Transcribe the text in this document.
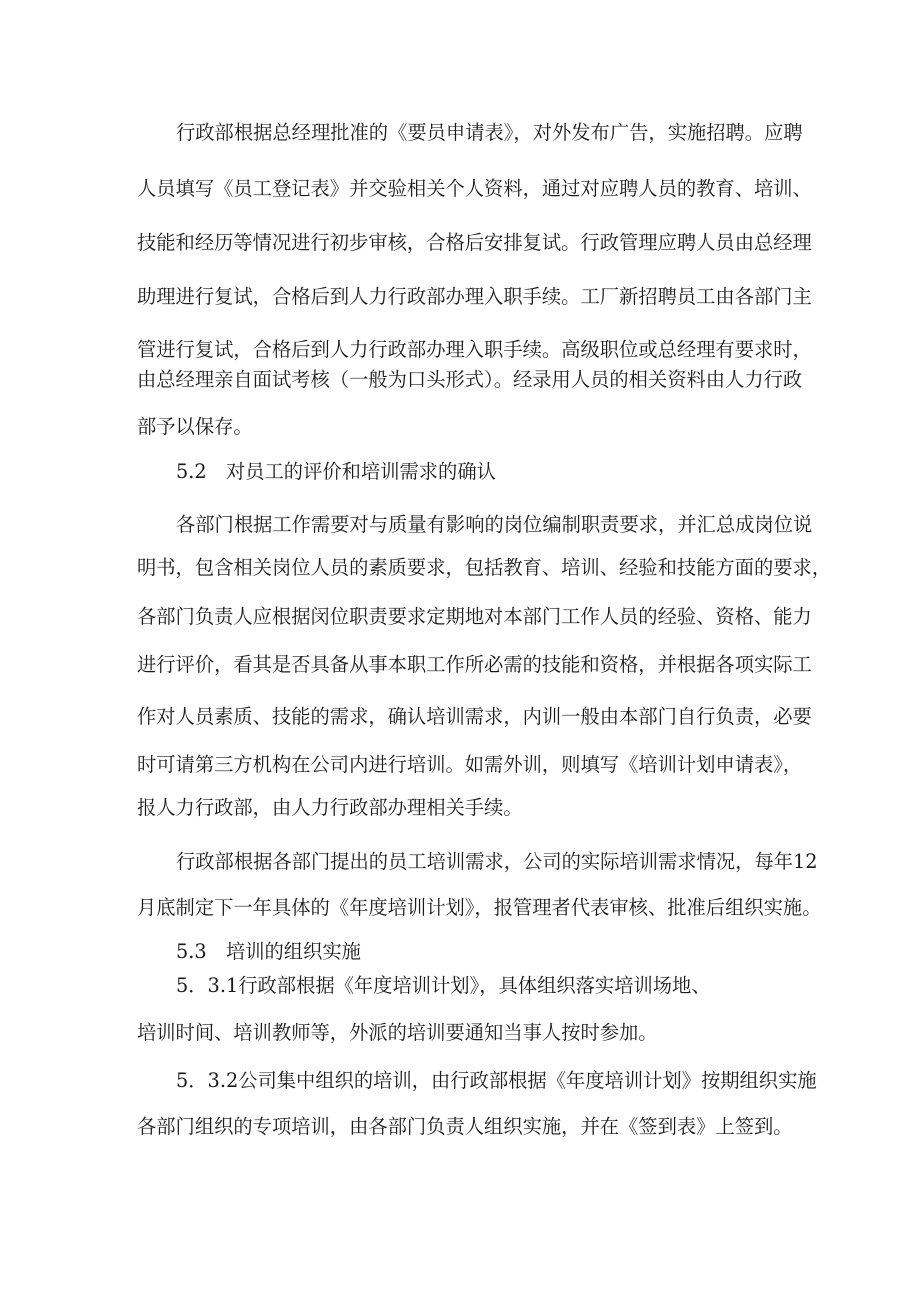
行政部根据总经理批准的《要员申请表》，对外发布广告，实施招聘。应聘
人员填写《员工登记表》并交验相关个人资料，通过对应聘人员的教育、培训、
技能和经历等情况进行初步审核，合格后安排复试。行政管理应聘人员由总经理
助理进行复试，合格后到人力行政部办理入职手续。工厂新招聘员工由各部门主
管进行复试，合格后到人力行政部办理入职手续。高级职位或总经理有要求时，
由总经理亲自面试考核（一般为口头形式）。经录用人员的相关资料由人力行政
部予以保存。
5.2　对员工的评价和培训需求的确认
各部门根据工作需要对与质量有影响的岗位编制职责要求，并汇总成岗位说
明书，包含相关岗位人员的素质要求，包括教育、培训、经验和技能方面的要求，
各部门负责人应根据闵位职责要求定期地对本部门工作人员的经验、资格、能力
进行评价，看其是否具备从事本职工作所必需的技能和资格，并根据各项实际工
作对人员素质、技能的需求，确认培训需求，内训一般由本部门自行负责，必要
时可请第三方机构在公司内进行培训。如需外训，则填写《培训计划申请表》，
报人力行政部，由人力行政部办理相关手续。
行政部根据各部门提出的员工培训需求，公司的实际培训需求情况，每年12
月底制定下一年具体的《年度培训计划》，报管理者代表审核、批准后组织实施。
5.3　培训的组织实施
5．3.1行政部根据《年度培训计划》，具体组织落实培训场地、
培训时间、培训教师等，外派的培训要通知当事人按时参加。
5．3.2公司集中组织的培训，由行政部根据《年度培训计划》按期组织实施
各部门组织的专项培训，由各部门负责人组织实施，并在《签到表》上签到。
